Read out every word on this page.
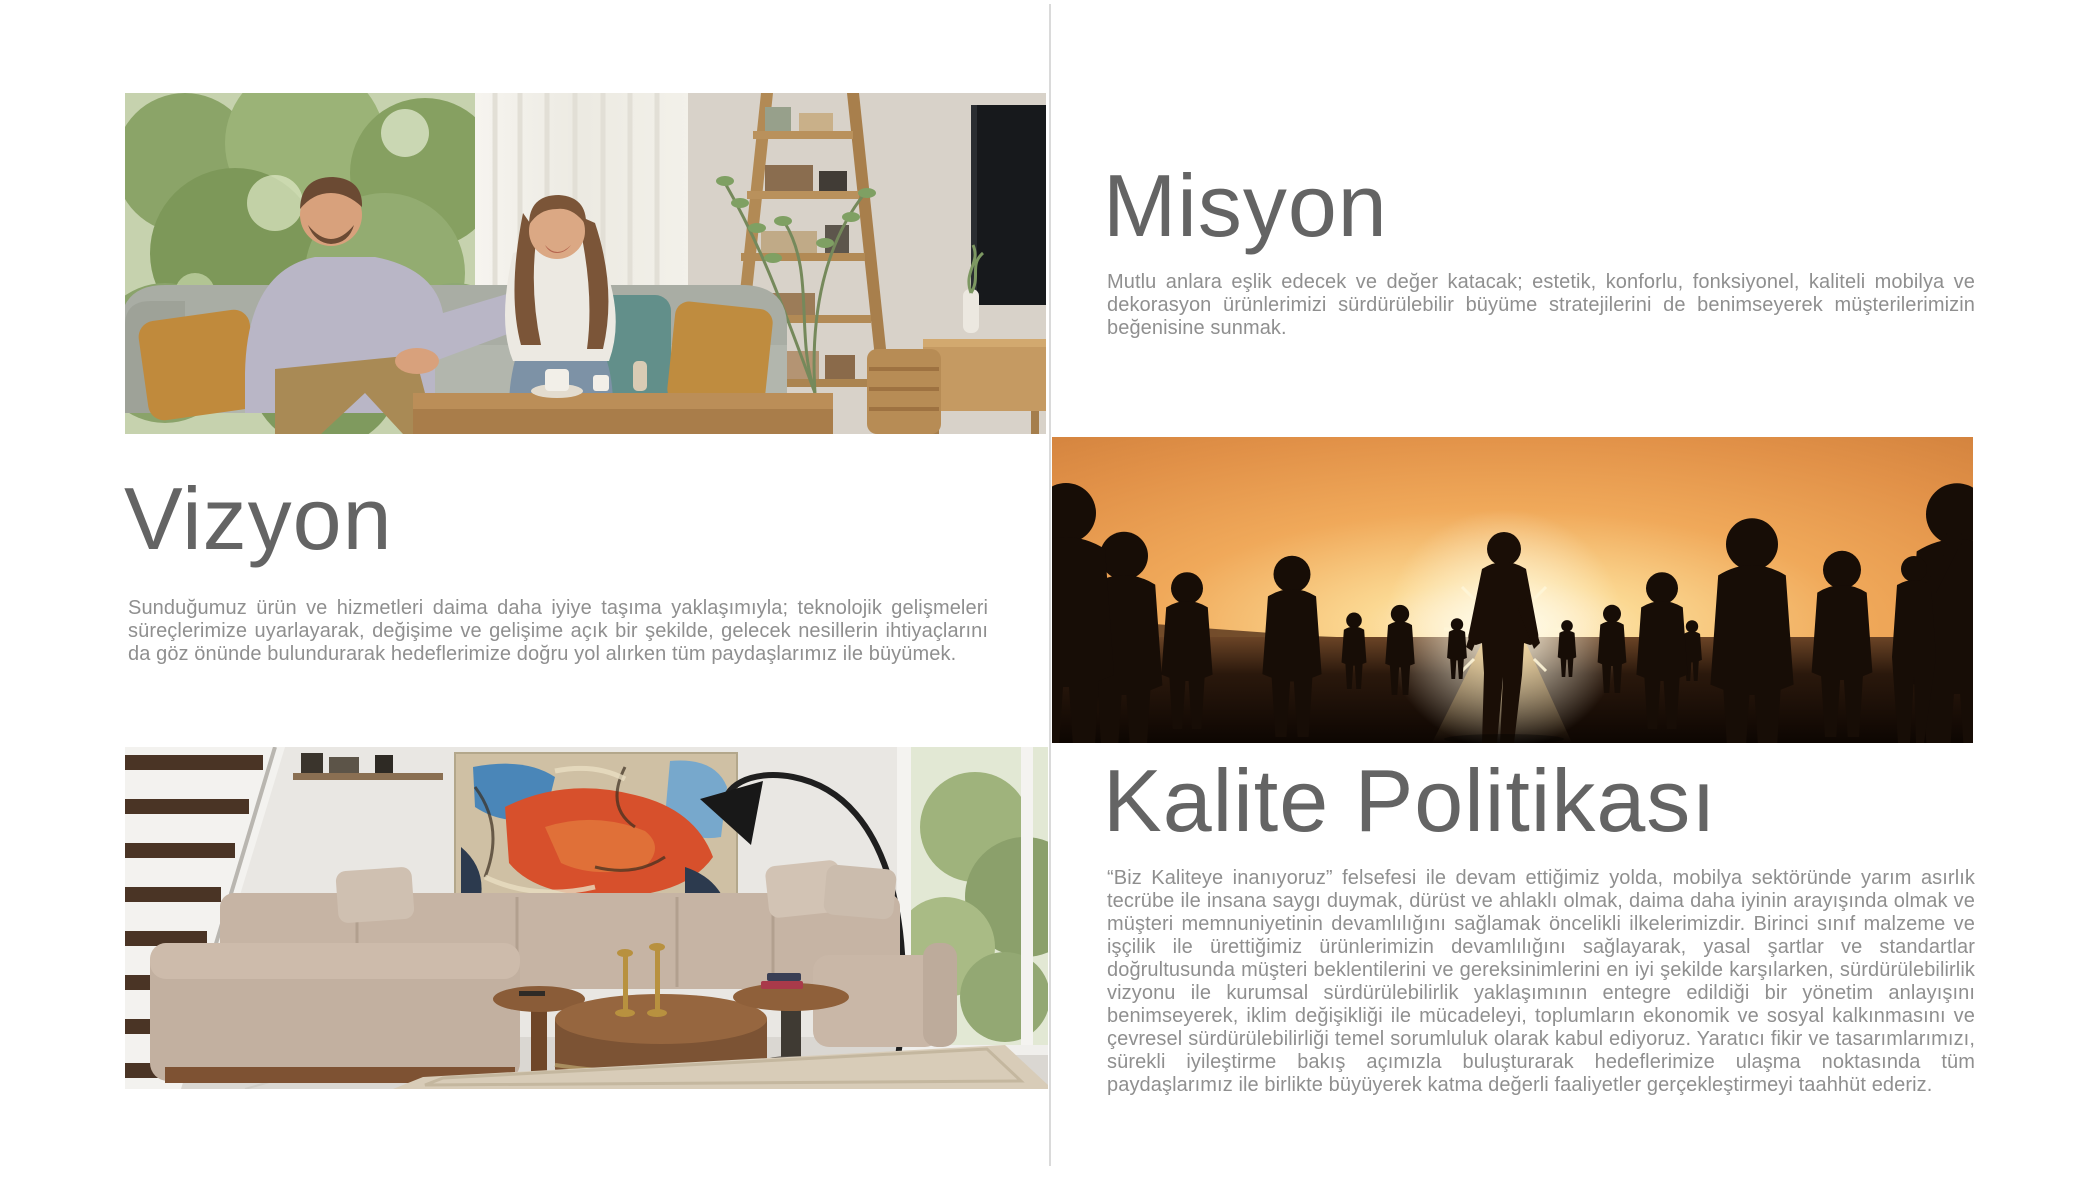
Misyon

Mutlu anlara eşlik edecek ve değer katacak; estetik, konforlu, fonksiyonel, kaliteli mobilya ve dekorasyon ürünlerimizi sürdürülebilir büyüme stratejilerini de benimseyerek müşterilerimizin beğenisine sunmak.

Vizyon

Sunduğumuz ürün ve hizmetleri daima daha iyiye taşıma yaklaşımıyla; teknolojik gelişmeleri süreçlerimize uyarlayarak, değişime ve gelişime açık bir şekilde, gelecek nesillerin ihtiyaçlarını da göz önünde bulundurarak hedeflerimize doğru yol alırken tüm paydaşlarımız ile büyümek.

Kalite Politikası

“Biz Kaliteye inanıyoruz” felsefesi ile devam ettiğimiz yolda, mobilya sektöründe yarım asırlık tecrübe ile insana saygı duymak, dürüst ve ahlaklı olmak, daima daha iyinin arayışında olmak ve müşteri memnuniyetinin devamlılığını sağlamak öncelikli ilkelerimizdir. Birinci sınıf malzeme ve işçilik ile ürettiğimiz ürünlerimizin devamlılığını sağlayarak, yasal şartlar ve standartlar doğrultusunda müşteri beklentilerini ve gereksinimlerini en iyi şekilde karşılarken, sürdürülebilirlik vizyonu ile kurumsal sürdürülebilirlik yaklaşımının entegre edildiği bir yönetim anlayışını benimseyerek, iklim değişikliği ile mücadeleyi, toplumların ekonomik ve sosyal kalkınmasını ve çevresel sürdürülebilirliği temel sorumluluk olarak kabul ediyoruz. Yaratıcı fikir ve tasarımlarımızı, sürekli iyileştirme bakış açımızla buluşturarak hedeflerimize ulaşma noktasında tüm paydaşlarımız ile birlikte büyüyerek katma değerli faaliyetler gerçekleştirmeyi taahhüt ederiz.
